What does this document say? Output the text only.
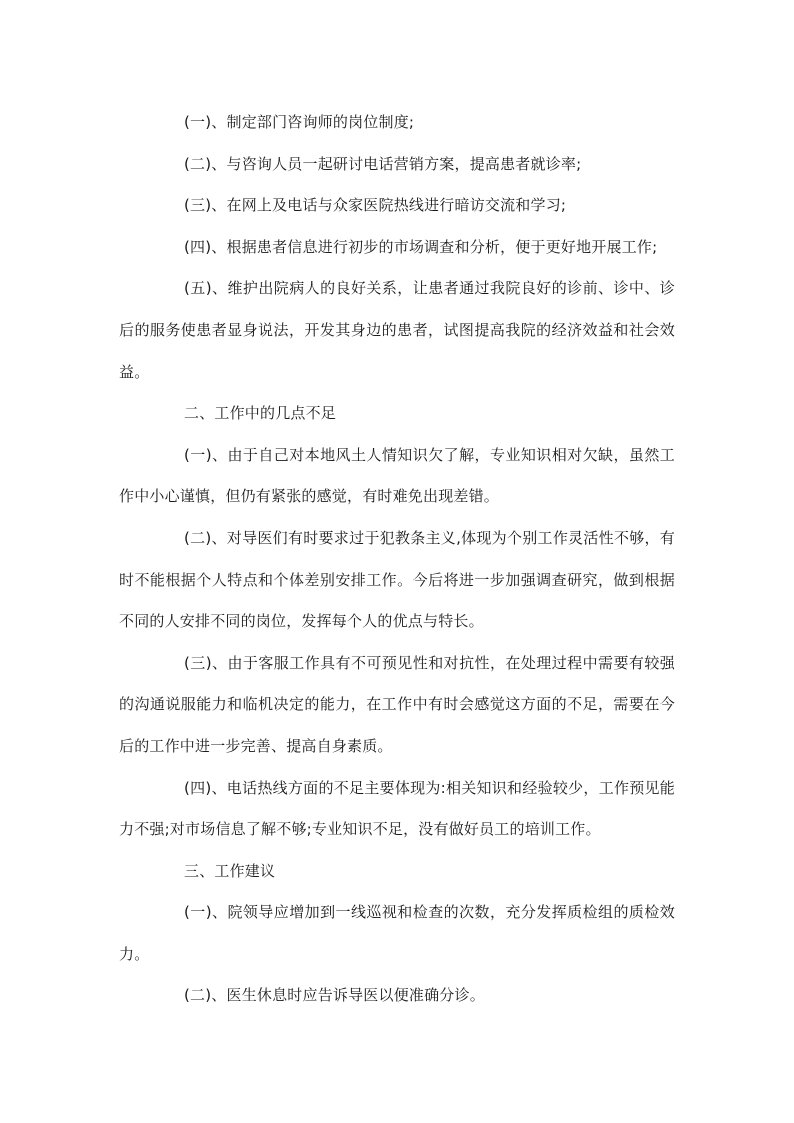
(一)、制定部门咨询师的岗位制度;

(二)、与咨询人员一起研讨电话营销方案，提高患者就诊率;

(三)、在网上及电话与众家医院热线进行暗访交流和学习;

(四)、根据患者信息进行初步的市场调查和分析，便于更好地开展工作;

(五)、维护出院病人的良好关系，让患者通过我院良好的诊前、诊中、诊后的服务使患者显身说法，开发其身边的患者，试图提高我院的经济效益和社会效益。

二、工作中的几点不足

(一)、由于自己对本地风土人情知识欠了解，专业知识相对欠缺，虽然工作中小心谨慎，但仍有紧张的感觉，有时难免出现差错。

(二)、对导医们有时要求过于犯教条主义,体现为个别工作灵活性不够，有时不能根据个人特点和个体差别安排工作。今后将进一步加强调查研究，做到根据不同的人安排不同的岗位，发挥每个人的优点与特长。

(三)、由于客服工作具有不可预见性和对抗性，在处理过程中需要有较强的沟通说服能力和临机决定的能力，在工作中有时会感觉这方面的不足，需要在今后的工作中进一步完善、提高自身素质。

(四)、电话热线方面的不足主要体现为:相关知识和经验较少，工作预见能力不强;对市场信息了解不够;专业知识不足，没有做好员工的培训工作。

三、工作建议

(一)、院领导应增加到一线巡视和检查的次数，充分发挥质检组的质检效力。

(二)、医生休息时应告诉导医以便准确分诊。
